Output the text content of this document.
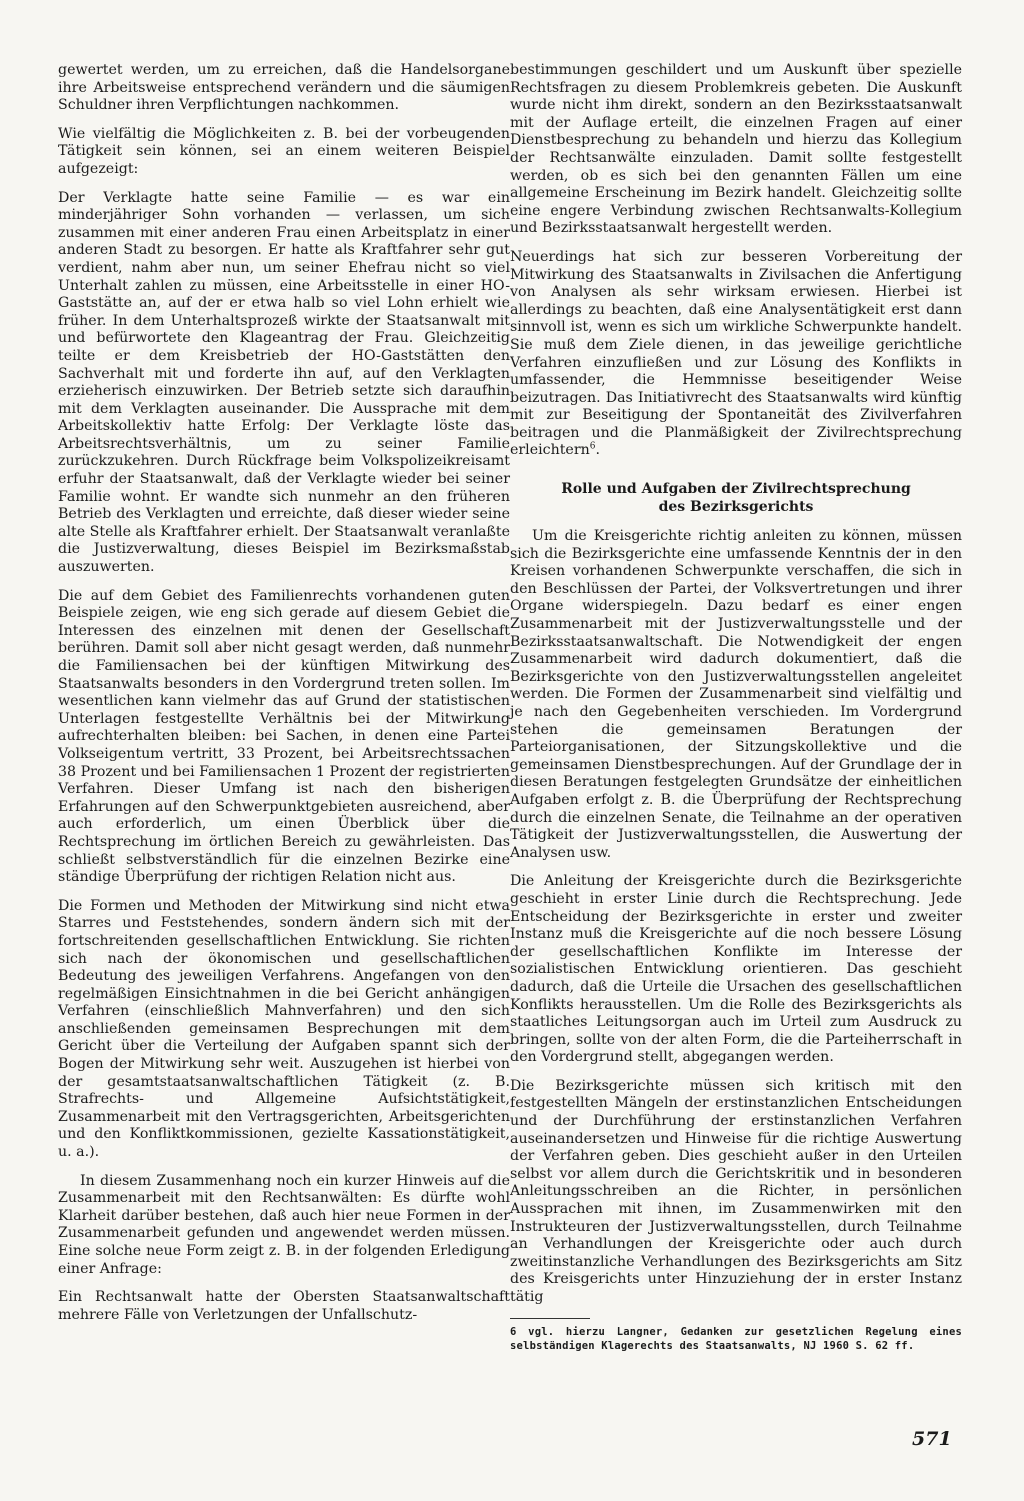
gewertet werden, um zu erreichen, daß die Handelsorgane ihre Arbeitsweise entsprechend verändern und die säumigen Schuldner ihren Verpflichtungen nachkommen.

Wie vielfältig die Möglichkeiten z. B. bei der vorbeugenden Tätigkeit sein können, sei an einem weiteren Beispiel aufgezeigt:

Der Verklagte hatte seine Familie — es war ein minderjähriger Sohn vorhanden — verlassen, um sich zusammen mit einer anderen Frau einen Arbeitsplatz in einer anderen Stadt zu besorgen. Er hatte als Kraftfahrer sehr gut verdient, nahm aber nun, um seiner Ehefrau nicht so viel Unterhalt zahlen zu müssen, eine Arbeitsstelle in einer HO-Gaststätte an, auf der er etwa halb so viel Lohn erhielt wie früher. In dem Unterhaltsprozeß wirkte der Staatsanwalt mit und befürwortete den Klageantrag der Frau. Gleichzeitig teilte er dem Kreisbetrieb der HO-Gaststätten den Sachverhalt mit und forderte ihn auf, auf den Verklagten erzieherisch einzuwirken. Der Betrieb setzte sich daraufhin mit dem Verklagten auseinander. Die Aussprache mit dem Arbeitskollektiv hatte Erfolg: Der Verklagte löste das Arbeitsrechtsverhältnis, um zu seiner Familie zurückzukehren. Durch Rückfrage beim Volkspolizeikreisamt erfuhr der Staatsanwalt, daß der Verklagte wieder bei seiner Familie wohnt. Er wandte sich nunmehr an den früheren Betrieb des Verklagten und erreichte, daß dieser wieder seine alte Stelle als Kraftfahrer erhielt. Der Staatsanwalt veranlaßte die Justizverwaltung, dieses Beispiel im Bezirksmaßstab auszuwerten.

Die auf dem Gebiet des Familienrechts vorhandenen guten Beispiele zeigen, wie eng sich gerade auf diesem Gebiet die Interessen des einzelnen mit denen der Gesellschaft berühren. Damit soll aber nicht gesagt werden, daß nunmehr die Familiensachen bei der künftigen Mitwirkung des Staatsanwalts besonders in den Vordergrund treten sollen. Im wesentlichen kann vielmehr das auf Grund der statistischen Unterlagen festgestellte Verhältnis bei der Mitwirkung aufrechterhalten bleiben: bei Sachen, in denen eine Partei Volkseigentum vertritt, 33 Prozent, bei Arbeitsrechtssachen 38 Prozent und bei Familiensachen 1 Prozent der registrierten Verfahren. Dieser Umfang ist nach den bisherigen Erfahrungen auf den Schwerpunktgebieten ausreichend, aber auch erforderlich, um einen Überblick über die Rechtsprechung im örtlichen Bereich zu gewährleisten. Das schließt selbstverständlich für die einzelnen Bezirke eine ständige Überprüfung der richtigen Relation nicht aus.

Die Formen und Methoden der Mitwirkung sind nicht etwa Starres und Feststehendes, sondern ändern sich mit der fortschreitenden gesellschaftlichen Entwicklung. Sie richten sich nach der ökonomischen und gesellschaftlichen Bedeutung des jeweiligen Verfahrens. Angefangen von den regelmäßigen Einsichtnahmen in die bei Gericht anhängigen Verfahren (einschließlich Mahnverfahren) und den sich anschließenden gemeinsamen Besprechungen mit dem Gericht über die Verteilung der Aufgaben spannt sich der Bogen der Mitwirkung sehr weit. Auszugehen ist hierbei von der gesamtstaatsanwaltschaftlichen Tätigkeit (z. B. Strafrechts- und Allgemeine Aufsichtstätigkeit, Zusammenarbeit mit den Vertragsgerichten, Arbeitsgerichten und den Konfliktkommissionen, gezielte Kassationstätigkeit, u. a.).

In diesem Zusammenhang noch ein kurzer Hinweis auf die Zusammenarbeit mit den Rechtsanwälten: Es dürfte wohl Klarheit darüber bestehen, daß auch hier neue Formen in der Zusammenarbeit gefunden und angewendet werden müssen. Eine solche neue Form zeigt z. B. in der folgenden Erledigung einer Anfrage:

Ein Rechtsanwalt hatte der Obersten Staatsanwaltschaft mehrere Fälle von Verletzungen der Unfallschutz-

bestimmungen geschildert und um Auskunft über spezielle Rechtsfragen zu diesem Problemkreis gebeten. Die Auskunft wurde nicht ihm direkt, sondern an den Bezirksstaatsanwalt mit der Auflage erteilt, die einzelnen Fragen auf einer Dienstbesprechung zu behandeln und hierzu das Kollegium der Rechtsanwälte einzuladen. Damit sollte festgestellt werden, ob es sich bei den genannten Fällen um eine allgemeine Erscheinung im Bezirk handelt. Gleichzeitig sollte eine engere Verbindung zwischen Rechtsanwalts-Kollegium und Bezirksstaatsanwalt hergestellt werden.

Neuerdings hat sich zur besseren Vorbereitung der Mitwirkung des Staatsanwalts in Zivilsachen die Anfertigung von Analysen als sehr wirksam erwiesen. Hierbei ist allerdings zu beachten, daß eine Analysentätigkeit erst dann sinnvoll ist, wenn es sich um wirkliche Schwerpunkte handelt. Sie muß dem Ziele dienen, in das jeweilige gerichtliche Verfahren einzufließen und zur Lösung des Konflikts in umfassender, die Hemmnisse beseitigender Weise beizutragen. Das Initiativrecht des Staatsanwalts wird künftig mit zur Beseitigung der Spontaneität des Zivilverfahren beitragen und die Planmäßigkeit der Zivilrechtsprechung erleichtern$^6$.

Rolle und Aufgaben der Zivilrechtsprechung
des Bezirksgerichts

Um die Kreisgerichte richtig anleiten zu können, müssen sich die Bezirksgerichte eine umfassende Kenntnis der in den Kreisen vorhandenen Schwerpunkte verschaffen, die sich in den Beschlüssen der Partei, der Volksvertretungen und ihrer Organe widerspiegeln. Dazu bedarf es einer engen Zusammenarbeit mit der Justizverwaltungsstelle und der Bezirksstaatsanwaltschaft. Die Notwendigkeit der engen Zusammenarbeit wird dadurch dokumentiert, daß die Bezirksgerichte von den Justizverwaltungsstellen angeleitet werden. Die Formen der Zusammenarbeit sind vielfältig und je nach den Gegebenheiten verschieden. Im Vordergrund stehen die gemeinsamen Beratungen der Parteiorganisationen, der Sitzungskollektive und die gemeinsamen Dienstbesprechungen. Auf der Grundlage der in diesen Beratungen festgelegten Grundsätze der einheitlichen Aufgaben erfolgt z. B. die Überprüfung der Rechtsprechung durch die einzelnen Senate, die Teilnahme an der operativen Tätigkeit der Justizverwaltungsstellen, die Auswertung der Analysen usw.

Die Anleitung der Kreisgerichte durch die Bezirksgerichte geschieht in erster Linie durch die Rechtsprechung. Jede Entscheidung der Bezirksgerichte in erster und zweiter Instanz muß die Kreisgerichte auf die noch bessere Lösung der gesellschaftlichen Konflikte im Interesse der sozialistischen Entwicklung orientieren. Das geschieht dadurch, daß die Urteile die Ursachen des gesellschaftlichen Konflikts herausstellen. Um die Rolle des Bezirksgerichts als staatliches Leitungsorgan auch im Urteil zum Ausdruck zu bringen, sollte von der alten Form, die die Parteiherrschaft in den Vordergrund stellt, abgegangen werden.

Die Bezirksgerichte müssen sich kritisch mit den festgestellten Mängeln der erstinstanzlichen Entscheidungen und der Durchführung der erstinstanzlichen Verfahren auseinandersetzen und Hinweise für die richtige Auswertung der Verfahren geben. Dies geschieht außer in den Urteilen selbst vor allem durch die Gerichtskritik und in besonderen Anleitungsschreiben an die Richter, in persönlichen Aussprachen mit ihnen, im Zusammenwirken mit den Instrukteuren der Justizverwaltungsstellen, durch Teilnahme an Verhandlungen der Kreisgerichte oder auch durch zweitinstanzliche Verhandlungen des Bezirksgerichts am Sitz des Kreisgerichts unter Hinzuziehung der in erster Instanz tätig

6 vgl. hierzu Langner, Gedanken zur gesetzlichen Regelung eines selbständigen Klagerechts des Staatsanwalts, NJ 1960 S. 62 ff.
571
